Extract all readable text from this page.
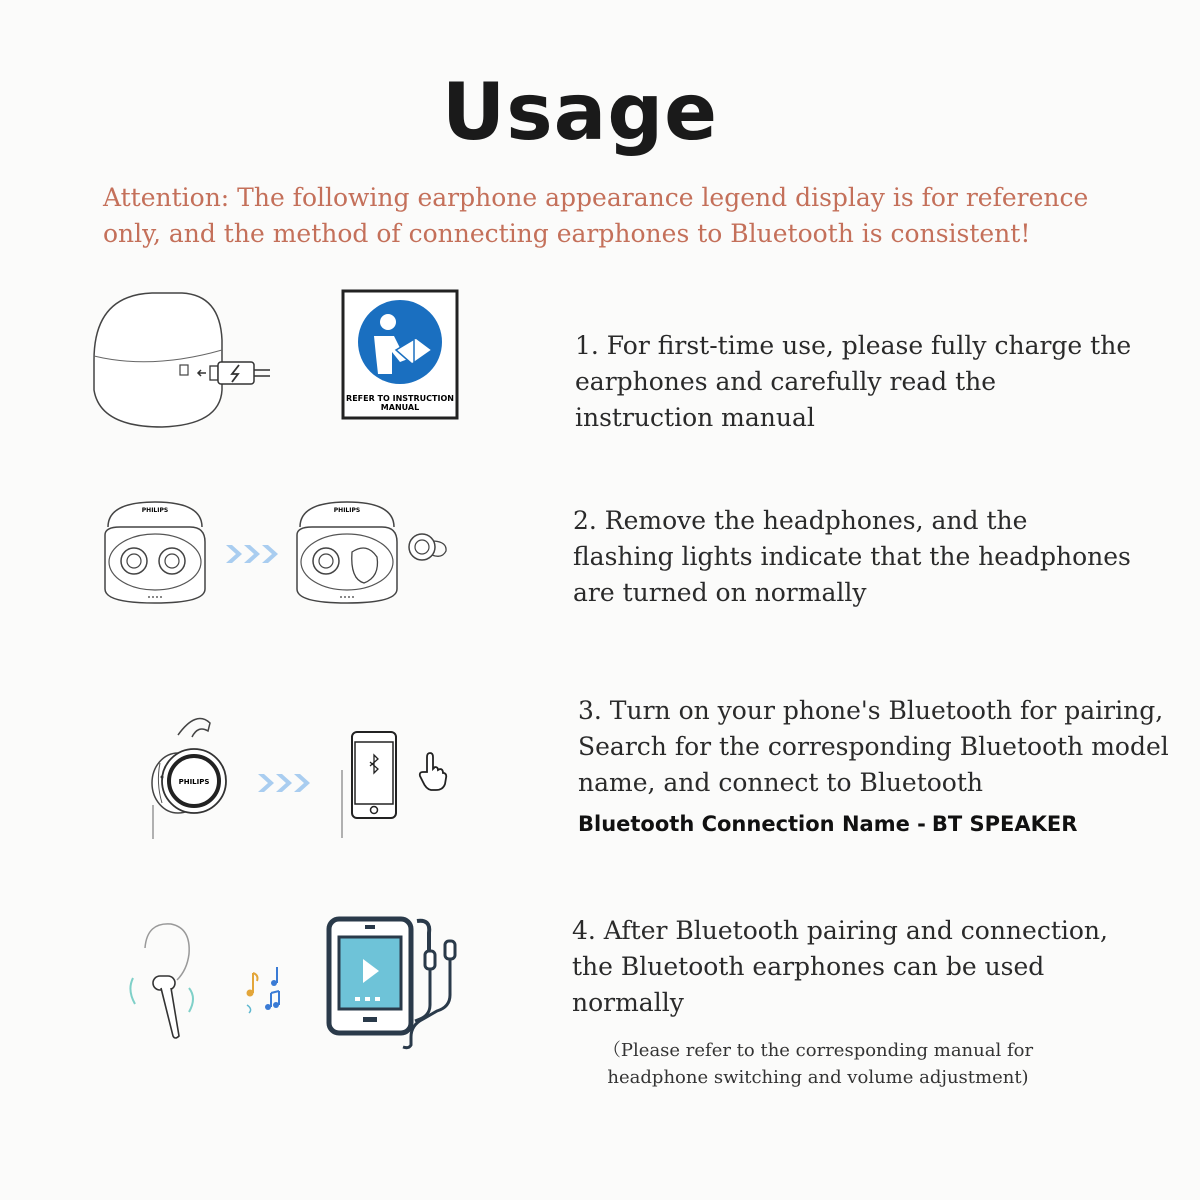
Usage
Attention: The following earphone appearance legend display is for reference only, and the method of connecting earphones to Bluetooth is consistent!
REFER TO INSTRUCTION
MANUAL
PHILIPS	PHILIPS
PHILIPS
1. For first-time use, please fully charge the earphones and carefully read the instruction manual
2. Remove the headphones, and the flashing lights indicate that the headphones are turned on normally
3. Turn on your phone's Bluetooth for pairing, Search for the corresponding Bluetooth model name, and connect to Bluetooth
Bluetooth Connection Name - BT SPEAKER
4. After Bluetooth pairing and connection, the Bluetooth earphones can be used normally
（Please refer to the corresponding manual for headphone switching and volume adjustment)
